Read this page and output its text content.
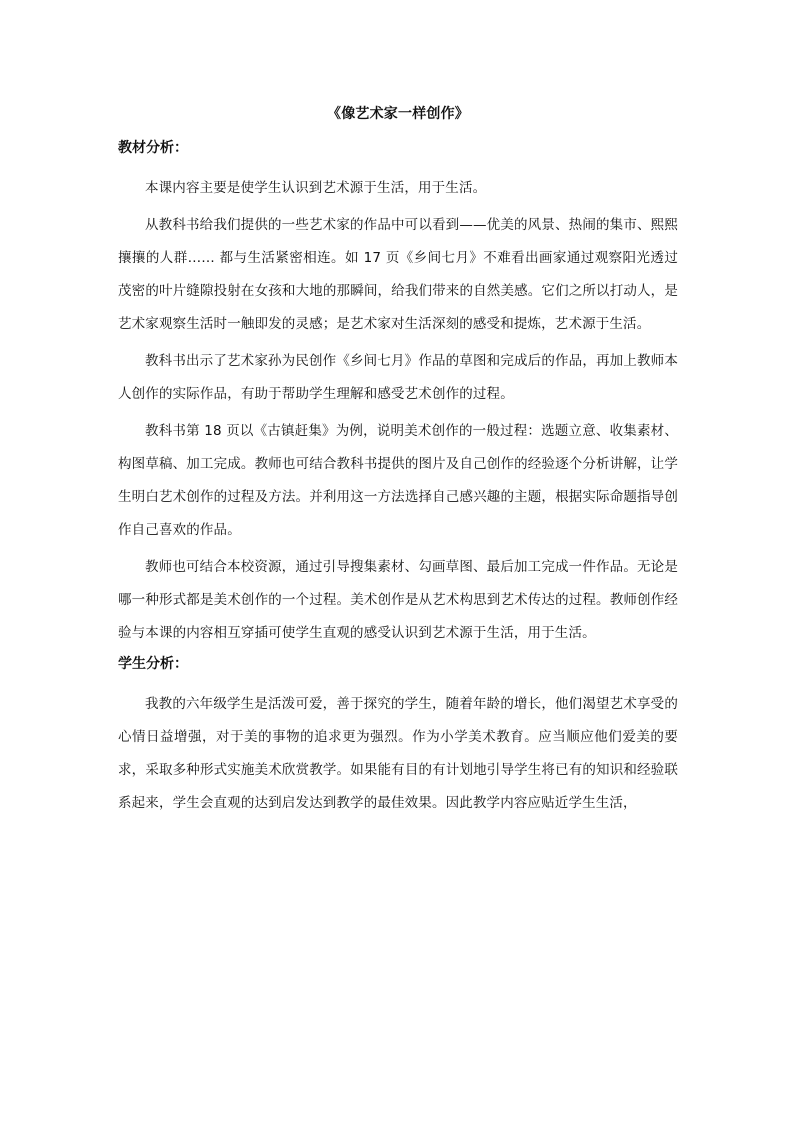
《像艺术家一样创作》
教材分析：

本课内容主要是使学生认识到艺术源于生活，用于生活。

从教科书给我们提供的一些艺术家的作品中可以看到——优美的风景、热闹的集市、熙熙攘攘的人群…… 都与生活紧密相连。如 17 页《乡间七月》不难看出画家通过观察阳光透过茂密的叶片缝隙投射在女孩和大地的那瞬间，给我们带来的自然美感。它们之所以打动人，是艺术家观察生活时一触即发的灵感；是艺术家对生活深刻的感受和提炼，艺术源于生活。

教科书出示了艺术家孙为民创作《乡间七月》作品的草图和完成后的作品，再加上教师本人创作的实际作品，有助于帮助学生理解和感受艺术创作的过程。

教科书第 18 页以《古镇赶集》为例，说明美术创作的一般过程：选题立意、收集素材、构图草稿、加工完成。教师也可结合教科书提供的图片及自己创作的经验逐个分析讲解，让学生明白艺术创作的过程及方法。并利用这一方法选择自己感兴趣的主题，根据实际命题指导创作自己喜欢的作品。

教师也可结合本校资源，通过引导搜集素材、勾画草图、最后加工完成一件作品。无论是哪一种形式都是美术创作的一个过程。美术创作是从艺术构思到艺术传达的过程。教师创作经验与本课的内容相互穿插可使学生直观的感受认识到艺术源于生活，用于生活。

学生分析：

我教的六年级学生是活泼可爱，善于探究的学生，随着年龄的增长，他们渴望艺术享受的心情日益增强，对于美的事物的追求更为强烈。作为小学美术教育。应当顺应他们爱美的要求，采取多种形式实施美术欣赏教学。如果能有目的有计划地引导学生将已有的知识和经验联系起来，学生会直观的达到启发达到教学的最佳效果。因此教学内容应贴近学生生活，
